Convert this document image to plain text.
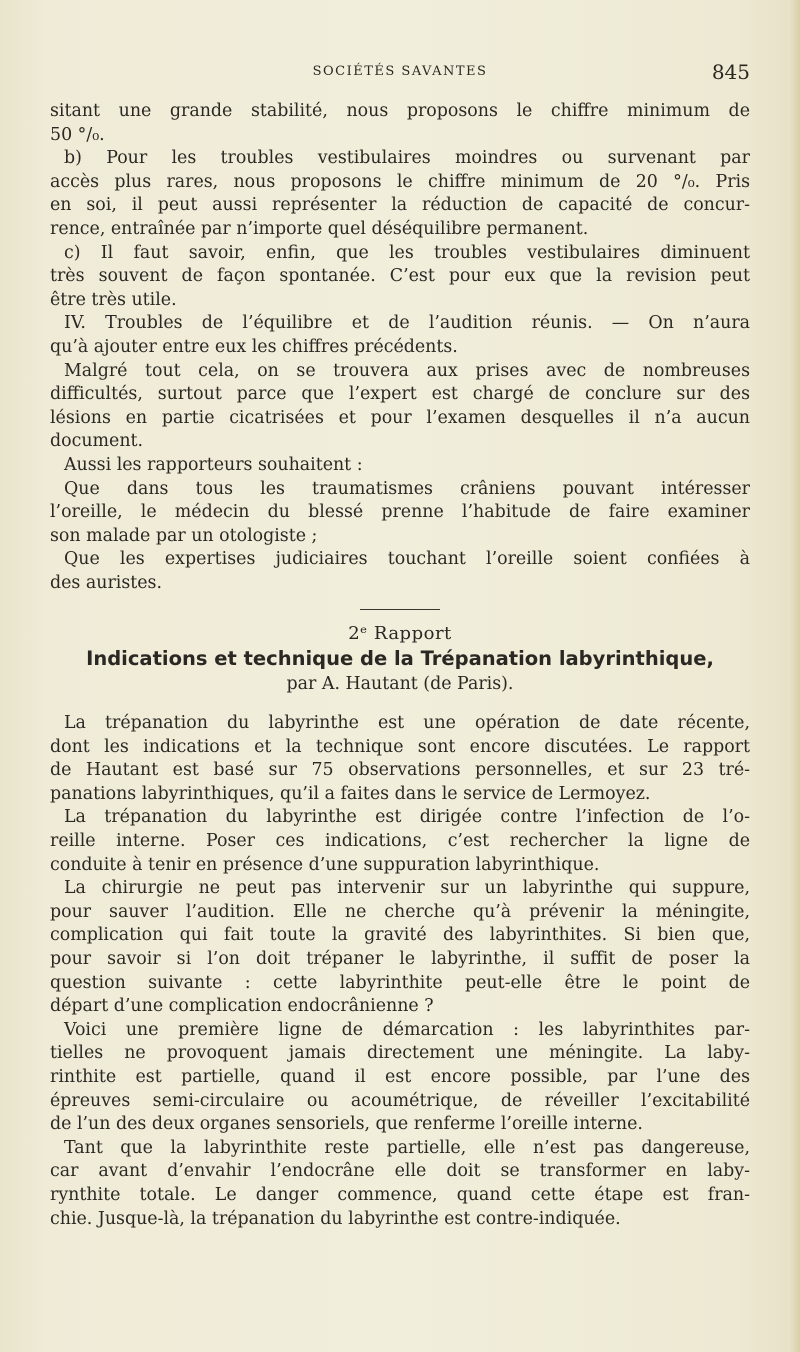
SOCIÉTÉS SAVANTES	845

sitant une grande stabilité, nous proposons le chiffre minimum de

50 °/₀.

b) Pour les troubles vestibulaires moindres ou survenant par

accès plus rares, nous proposons le chiffre minimum de 20 °/₀. Pris

en soi, il peut aussi représenter la réduction de capacité de concur-

rence, entraînée par n’importe quel déséquilibre permanent.

c) Il faut savoir, enfin, que les troubles vestibulaires diminuent

très souvent de façon spontanée. C’est pour eux que la revision peut

être très utile.

IV. Troubles de l’équilibre et de l’audition réunis. — On n’aura

qu’à ajouter entre eux les chiffres précédents.

Malgré tout cela, on se trouvera aux prises avec de nombreuses

difficultés, surtout parce que l’expert est chargé de conclure sur des

lésions en partie cicatrisées et pour l’examen desquelles il n’a aucun

document.

Aussi les rapporteurs souhaitent :

Que dans tous les traumatismes crâniens pouvant intéresser

l’oreille, le médecin du blessé prenne l’habitude de faire examiner

son malade par un otologiste ;

Que les expertises judiciaires touchant l’oreille soient confiées à

des auristes.

2ᵉ Rapport
Indications et technique de la Trépanation labyrinthique,
par A. Hautant (de Paris).

La trépanation du labyrinthe est une opération de date récente,

dont les indications et la technique sont encore discutées. Le rapport

de Hautant est basé sur 75 observations personnelles, et sur 23 tré-

panations labyrinthiques, qu’il a faites dans le service de Lermoyez.

La trépanation du labyrinthe est dirigée contre l’infection de l’o-

reille interne. Poser ces indications, c’est rechercher la ligne de

conduite à tenir en présence d’une suppuration labyrinthique.

La chirurgie ne peut pas intervenir sur un labyrinthe qui suppure,

pour sauver l’audition. Elle ne cherche qu’à prévenir la méningite,

complication qui fait toute la gravité des labyrinthites. Si bien que,

pour savoir si l’on doit trépaner le labyrinthe, il suffit de poser la

question suivante : cette labyrinthite peut-elle être le point de

départ d’une complication endocrânienne ?

Voici une première ligne de démarcation : les labyrinthites par-

tielles ne provoquent jamais directement une méningite. La laby-

rinthite est partielle, quand il est encore possible, par l’une des

épreuves semi-circulaire ou acoumétrique, de réveiller l’excitabilité

de l’un des deux organes sensoriels, que renferme l’oreille interne.

Tant que la labyrinthite reste partielle, elle n’est pas dangereuse,

car avant d’envahir l’endocrâne elle doit se transformer en laby-

rynthite totale. Le danger commence, quand cette étape est fran-

chie. Jusque-là, la trépanation du labyrinthe est contre-indiquée.
